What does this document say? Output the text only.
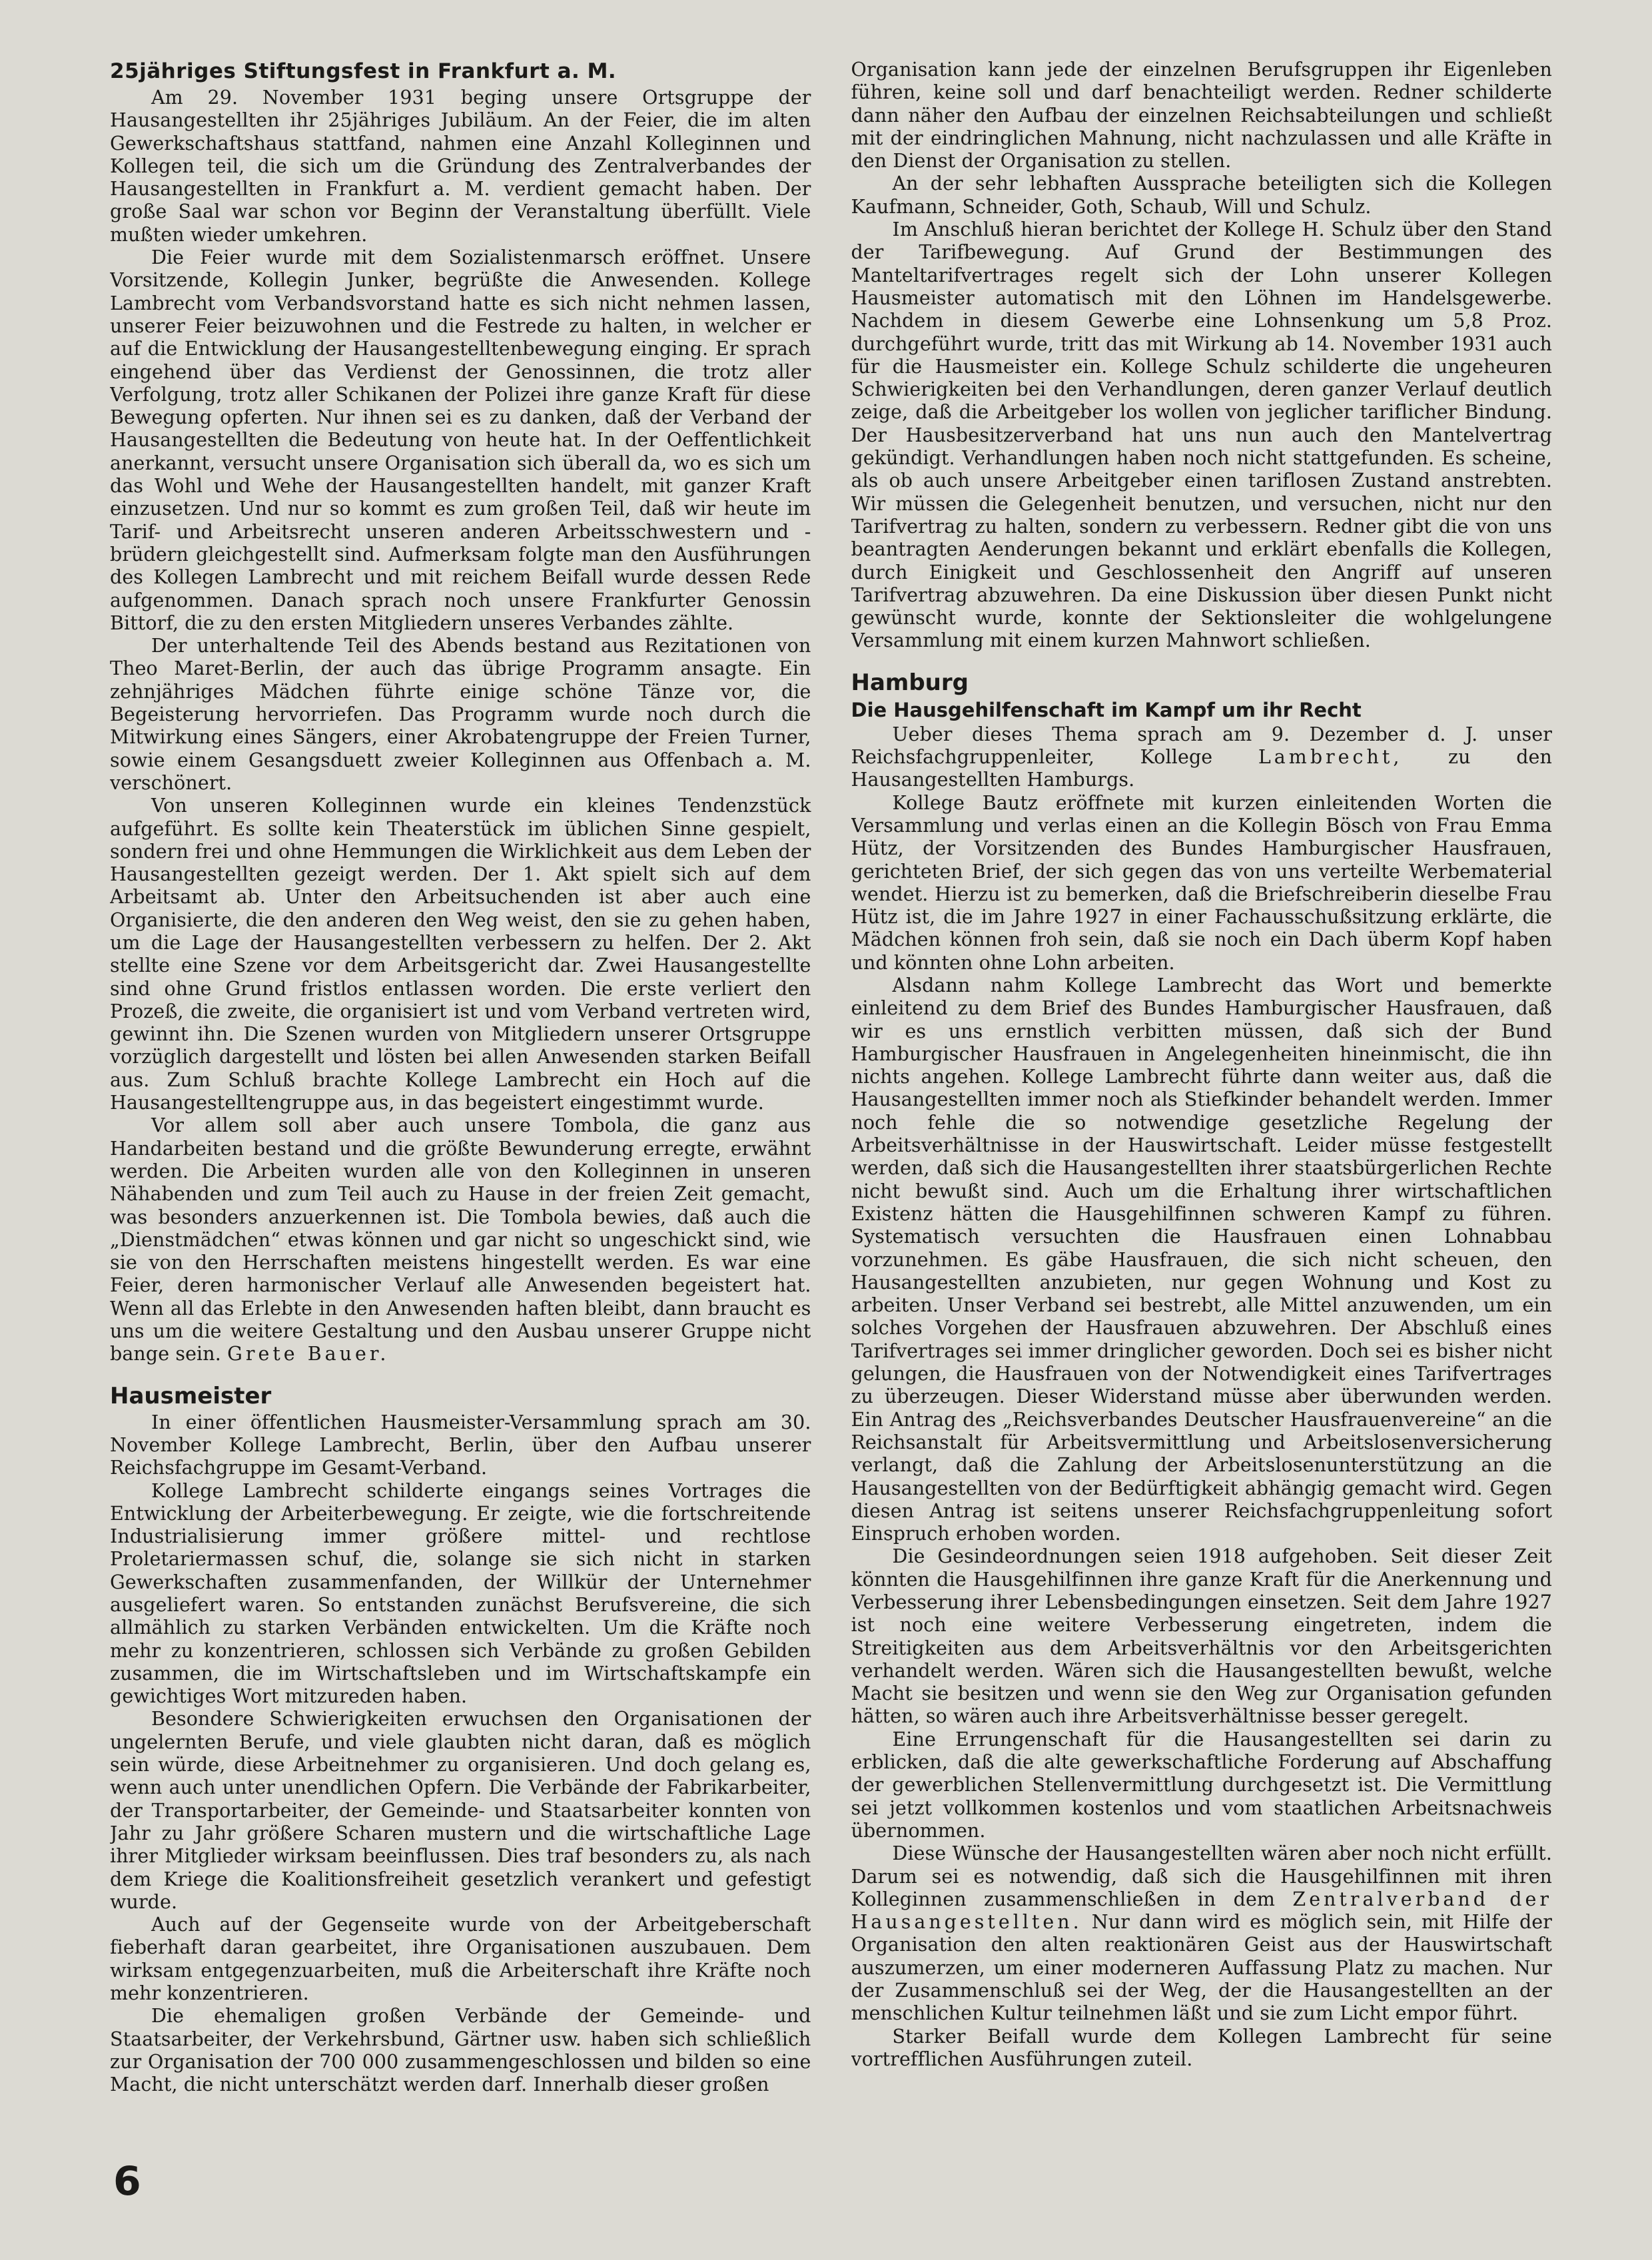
25jähriges Stiftungsfest in Frankfurt a. M.

Am 29. November 1931 beging unsere Ortsgruppe der Hausangestellten ihr 25jähriges Jubiläum. An der Feier, die im alten Gewerkschaftshaus stattfand, nahmen eine Anzahl Kolleginnen und Kollegen teil, die sich um die Gründung des Zentralverbandes der Hausangestellten in Frankfurt a. M. verdient gemacht haben. Der große Saal war schon vor Beginn der Veranstaltung überfüllt. Viele mußten wieder umkehren.

Die Feier wurde mit dem Sozialistenmarsch eröffnet. Unsere Vorsitzende, Kollegin Junker, begrüßte die Anwesenden. Kollege Lambrecht vom Verbandsvorstand hatte es sich nicht nehmen lassen, unserer Feier beizuwohnen und die Festrede zu halten, in welcher er auf die Entwicklung der Hausangestelltenbewegung einging. Er sprach eingehend über das Verdienst der Genossinnen, die trotz aller Verfolgung, trotz aller Schikanen der Polizei ihre ganze Kraft für diese Bewegung opferten. Nur ihnen sei es zu danken, daß der Verband der Hausangestellten die Bedeutung von heute hat. In der Oeffentlichkeit anerkannt, versucht unsere Organisation sich überall da, wo es sich um das Wohl und Wehe der Hausangestellten handelt, mit ganzer Kraft einzusetzen. Und nur so kommt es zum großen Teil, daß wir heute im Tarif- und Arbeitsrecht unseren anderen Arbeitsschwestern und -brüdern gleichgestellt sind. Aufmerksam folgte man den Ausführungen des Kollegen Lambrecht und mit reichem Beifall wurde dessen Rede aufgenommen. Danach sprach noch unsere Frankfurter Genossin Bittorf, die zu den ersten Mitgliedern unseres Verbandes zählte.

Der unterhaltende Teil des Abends bestand aus Rezitationen von Theo Maret-Berlin, der auch das übrige Programm ansagte. Ein zehnjähriges Mädchen führte einige schöne Tänze vor, die Begeisterung hervorriefen. Das Programm wurde noch durch die Mitwirkung eines Sängers, einer Akrobatengruppe der Freien Turner, sowie einem Gesangsduett zweier Kolleginnen aus Offenbach a. M. verschönert.

Von unseren Kolleginnen wurde ein kleines Tendenzstück aufgeführt. Es sollte kein Theaterstück im üblichen Sinne gespielt, sondern frei und ohne Hemmungen die Wirklichkeit aus dem Leben der Hausangestellten gezeigt werden. Der 1. Akt spielt sich auf dem Arbeitsamt ab. Unter den Arbeitsuchenden ist aber auch eine Organisierte, die den anderen den Weg weist, den sie zu gehen haben, um die Lage der Hausangestellten verbessern zu helfen. Der 2. Akt stellte eine Szene vor dem Arbeitsgericht dar. Zwei Hausangestellte sind ohne Grund fristlos entlassen worden. Die erste verliert den Prozeß, die zweite, die organisiert ist und vom Verband vertreten wird, gewinnt ihn. Die Szenen wurden von Mitgliedern unserer Ortsgruppe vorzüglich dargestellt und lösten bei allen Anwesenden starken Beifall aus. Zum Schluß brachte Kollege Lambrecht ein Hoch auf die Hausangestelltengruppe aus, in das begeistert eingestimmt wurde.

Vor allem soll aber auch unsere Tombola, die ganz aus Handarbeiten bestand und die größte Bewunderung erregte, erwähnt werden. Die Arbeiten wurden alle von den Kolleginnen in unseren Nähabenden und zum Teil auch zu Hause in der freien Zeit gemacht, was besonders anzuerkennen ist. Die Tombola bewies, daß auch die „Dienstmädchen“ etwas können und gar nicht so ungeschickt sind, wie sie von den Herrschaften meistens hingestellt werden. Es war eine Feier, deren harmonischer Verlauf alle Anwesenden begeistert hat. Wenn all das Erlebte in den Anwesenden haften bleibt, dann braucht es uns um die weitere Gestaltung und den Ausbau unserer Gruppe nicht bange sein. Grete Bauer.

Hausmeister

In einer öffentlichen Hausmeister-Versammlung sprach am 30. November Kollege Lambrecht, Berlin, über den Aufbau unserer Reichsfachgruppe im Gesamt-Verband.

Kollege Lambrecht schilderte eingangs seines Vortrages die Entwicklung der Arbeiterbewegung. Er zeigte, wie die fortschreitende Industrialisierung immer größere mittel- und rechtlose Proletariermassen schuf, die, solange sie sich nicht in starken Gewerkschaften zusammenfanden, der Willkür der Unternehmer ausgeliefert waren. So entstanden zunächst Berufsvereine, die sich allmählich zu starken Verbänden entwickelten. Um die Kräfte noch mehr zu konzentrieren, schlossen sich Verbände zu großen Gebilden zusammen, die im Wirtschaftsleben und im Wirtschaftskampfe ein gewichtiges Wort mitzureden haben.

Besondere Schwierigkeiten erwuchsen den Organisationen der ungelernten Berufe, und viele glaubten nicht daran, daß es möglich sein würde, diese Arbeitnehmer zu organisieren. Und doch gelang es, wenn auch unter unendlichen Opfern. Die Verbände der Fabrikarbeiter, der Transportarbeiter, der Gemeinde- und Staatsarbeiter konnten von Jahr zu Jahr größere Scharen mustern und die wirtschaftliche Lage ihrer Mitglieder wirksam beeinflussen. Dies traf besonders zu, als nach dem Kriege die Koalitionsfreiheit gesetzlich verankert und gefestigt wurde.

Auch auf der Gegenseite wurde von der Arbeitgeberschaft fieberhaft daran gearbeitet, ihre Organisationen auszubauen. Dem wirksam entgegenzuarbeiten, muß die Arbeiterschaft ihre Kräfte noch mehr konzentrieren.

Die ehemaligen großen Verbände der Gemeinde- und Staatsarbeiter, der Verkehrsbund, Gärtner usw. haben sich schließlich zur Organisation der 700 000 zusammengeschlossen und bilden so eine Macht, die nicht unterschätzt werden darf. Innerhalb dieser großen

Organisation kann jede der einzelnen Berufsgruppen ihr Eigenleben führen, keine soll und darf benachteiligt werden. Redner schilderte dann näher den Aufbau der einzelnen Reichsabteilungen und schließt mit der eindringlichen Mahnung, nicht nachzulassen und alle Kräfte in den Dienst der Organisation zu stellen.

An der sehr lebhaften Aussprache beteiligten sich die Kollegen Kaufmann, Schneider, Goth, Schaub, Will und Schulz.

Im Anschluß hieran berichtet der Kollege H. Schulz über den Stand der Tarifbewegung. Auf Grund der Bestimmungen des Manteltarifvertrages regelt sich der Lohn unserer Kollegen Hausmeister automatisch mit den Löhnen im Handelsgewerbe. Nachdem in diesem Gewerbe eine Lohnsenkung um 5,8 Proz. durchgeführt wurde, tritt das mit Wirkung ab 14. November 1931 auch für die Hausmeister ein. Kollege Schulz schilderte die ungeheuren Schwierigkeiten bei den Verhandlungen, deren ganzer Verlauf deutlich zeige, daß die Arbeitgeber los wollen von jeglicher tariflicher Bindung. Der Hausbesitzerverband hat uns nun auch den Mantelvertrag gekündigt. Verhandlungen haben noch nicht stattgefunden. Es scheine, als ob auch unsere Arbeitgeber einen tariflosen Zustand anstrebten. Wir müssen die Gelegenheit benutzen, und versuchen, nicht nur den Tarifvertrag zu halten, sondern zu verbessern. Redner gibt die von uns beantragten Aenderungen bekannt und erklärt ebenfalls die Kollegen, durch Einigkeit und Geschlossenheit den Angriff auf unseren Tarifvertrag abzuwehren. Da eine Diskussion über diesen Punkt nicht gewünscht wurde, konnte der Sektionsleiter die wohlgelungene Versammlung mit einem kurzen Mahnwort schließen.

Hamburg
Die Hausgehilfenschaft im Kampf um ihr Recht

Ueber dieses Thema sprach am 9. Dezember d. J. unser Reichsfachgruppenleiter, Kollege Lambrecht, zu den Hausangestellten Hamburgs.

Kollege Bautz eröffnete mit kurzen einleitenden Worten die Versammlung und verlas einen an die Kollegin Bösch von Frau Emma Hütz, der Vorsitzenden des Bundes Hamburgischer Hausfrauen, gerichteten Brief, der sich gegen das von uns verteilte Werbematerial wendet. Hierzu ist zu bemerken, daß die Briefschreiberin dieselbe Frau Hütz ist, die im Jahre 1927 in einer Fachausschußsitzung erklärte, die Mädchen können froh sein, daß sie noch ein Dach überm Kopf haben und könnten ohne Lohn arbeiten.

Alsdann nahm Kollege Lambrecht das Wort und bemerkte einleitend zu dem Brief des Bundes Hamburgischer Hausfrauen, daß wir es uns ernstlich verbitten müssen, daß sich der Bund Hamburgischer Hausfrauen in Angelegenheiten hineinmischt, die ihn nichts angehen. Kollege Lambrecht führte dann weiter aus, daß die Hausangestellten immer noch als Stiefkinder behandelt werden. Immer noch fehle die so notwendige gesetzliche Regelung der Arbeitsverhältnisse in der Hauswirtschaft. Leider müsse festgestellt werden, daß sich die Hausangestellten ihrer staatsbürgerlichen Rechte nicht bewußt sind. Auch um die Erhaltung ihrer wirtschaftlichen Existenz hätten die Hausgehilfinnen schweren Kampf zu führen. Systematisch versuchten die Hausfrauen einen Lohnabbau vorzunehmen. Es gäbe Hausfrauen, die sich nicht scheuen, den Hausangestellten anzubieten, nur gegen Wohnung und Kost zu arbeiten. Unser Verband sei bestrebt, alle Mittel anzuwenden, um ein solches Vorgehen der Hausfrauen abzuwehren. Der Abschluß eines Tarifvertrages sei immer dringlicher geworden. Doch sei es bisher nicht gelungen, die Hausfrauen von der Notwendigkeit eines Tarifvertrages zu überzeugen. Dieser Widerstand müsse aber überwunden werden. Ein Antrag des „Reichsverbandes Deutscher Hausfrauenvereine“ an die Reichsanstalt für Arbeitsvermittlung und Arbeitslosenversicherung verlangt, daß die Zahlung der Arbeitslosenunterstützung an die Hausangestellten von der Bedürftigkeit abhängig gemacht wird. Gegen diesen Antrag ist seitens unserer Reichsfachgruppenleitung sofort Einspruch erhoben worden.

Die Gesindeordnungen seien 1918 aufgehoben. Seit dieser Zeit könnten die Hausgehilfinnen ihre ganze Kraft für die Anerkennung und Verbesserung ihrer Lebensbedingungen einsetzen. Seit dem Jahre 1927 ist noch eine weitere Verbesserung eingetreten, indem die Streitigkeiten aus dem Arbeitsverhältnis vor den Arbeitsgerichten verhandelt werden. Wären sich die Hausangestellten bewußt, welche Macht sie besitzen und wenn sie den Weg zur Organisation gefunden hätten, so wären auch ihre Arbeitsverhältnisse besser geregelt.

Eine Errungenschaft für die Hausangestellten sei darin zu erblicken, daß die alte gewerkschaftliche Forderung auf Abschaffung der gewerblichen Stellenvermittlung durchgesetzt ist. Die Vermittlung sei jetzt vollkommen kostenlos und vom staatlichen Arbeitsnachweis übernommen.

Diese Wünsche der Hausangestellten wären aber noch nicht erfüllt. Darum sei es notwendig, daß sich die Hausgehilfinnen mit ihren Kolleginnen zusammenschließen in dem Zentralverband der Hausangestellten. Nur dann wird es möglich sein, mit Hilfe der Organisation den alten reaktionären Geist aus der Hauswirtschaft auszumerzen, um einer moderneren Auffassung Platz zu machen. Nur der Zusammenschluß sei der Weg, der die Hausangestellten an der menschlichen Kultur teilnehmen läßt und sie zum Licht empor führt.

Starker Beifall wurde dem Kollegen Lambrecht für seine vortrefflichen Ausführungen zuteil.

6
